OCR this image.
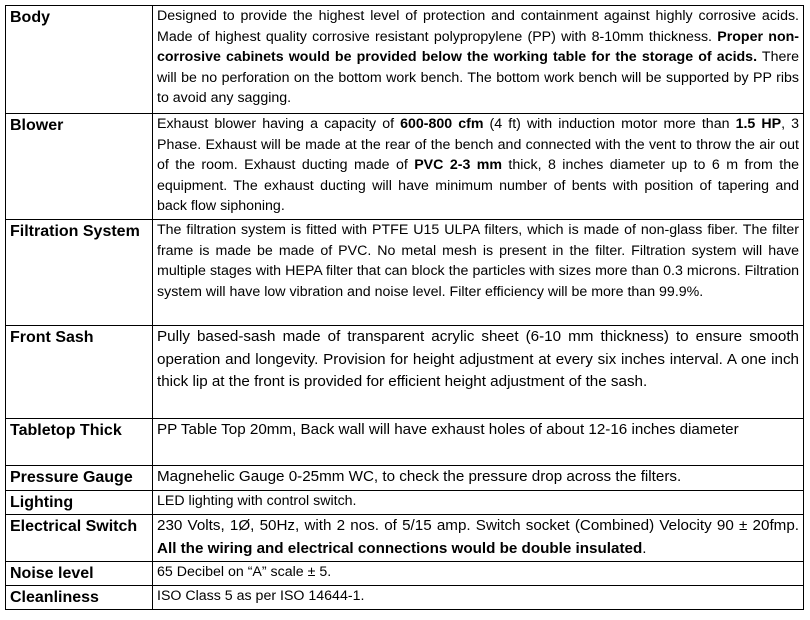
Body	Designed to provide the highest level of protection and containment against highly corrosive acids. Made of highest quality corrosive resistant polypropylene (PP) with 8-10mm thickness. Proper non-corrosive cabinets would be provided below the working table for the storage of acids. There will be no perforation on the bottom work bench. The bottom work bench will be supported by PP ribs to avoid any sagging.
Blower	Exhaust blower having a capacity of 600-800 cfm (4 ft) with induction motor more than 1.5 HP, 3 Phase. Exhaust will be made at the rear of the bench and connected with the vent to throw the air out of the room. Exhaust ducting made of PVC 2-3 mm thick, 8 inches diameter up to 6 m from the equipment. The exhaust ducting will have minimum number of bents with position of tapering and back flow siphoning.
Filtration System	The filtration system is fitted with PTFE U15 ULPA filters, which is made of non-glass fiber. The filter frame is made be made of PVC. No metal mesh is present in the filter. Filtration system will have multiple stages with HEPA filter that can block the particles with sizes more than 0.3 microns. Filtration system will have low vibration and noise level. Filter efficiency will be more than 99.9%.
Front Sash	Pully based-sash made of transparent acrylic sheet (6-10 mm thickness) to ensure smooth operation and longevity. Provision for height adjustment at every six inches interval. A one inch thick lip at the front is provided for efficient height adjustment of the sash.
Tabletop Thick	PP Table Top 20mm, Back wall will have exhaust holes of about 12-16 inches diameter
Pressure Gauge	Magnehelic Gauge 0-25mm WC, to check the pressure drop across the filters.
Lighting	LED lighting with control switch.
Electrical Switch	230 Volts, 1Ø, 50Hz, with 2 nos. of 5/15 amp. Switch socket (Combined) Velocity 90 ± 20fmp. All the wiring and electrical connections would be double insulated.
Noise level	65 Decibel on “A” scale ± 5.
Cleanliness	ISO Class 5 as per ISO 14644-1.
